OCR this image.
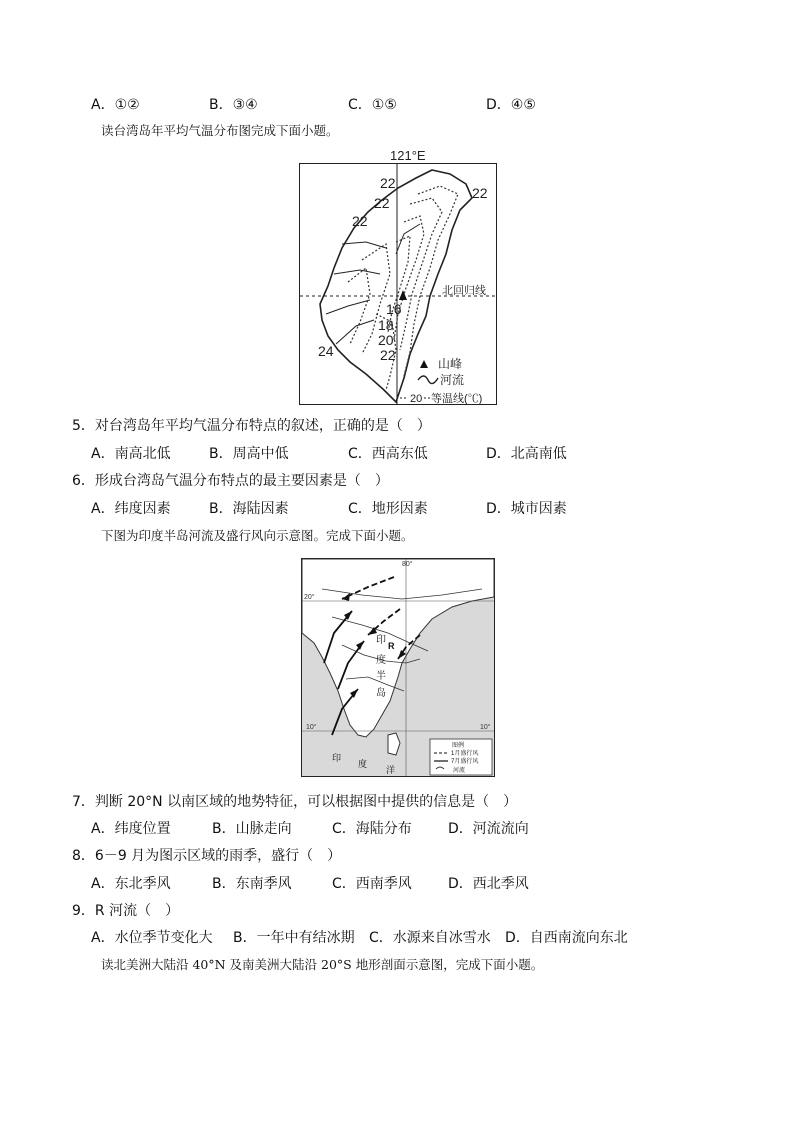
A．①②	B．③④	C．①⑤	D．④⑤
读台湾岛年平均气温分布图完成下面小题。
121°E
22
22
22
22
北回归线
16
18
20
22
24
山峰
河流
20 等温线(℃)
5．对台湾岛年平均气温分布特点的叙述，正确的是（　）
A．南高北低	B．周高中低	C．西高东低	D．北高南低
6．形成台湾岛气温分布特点的最主要因素是（　）
A．纬度因素	B．海陆因素	C．地形因素	D．城市因素
下图为印度半岛河流及盛行风向示意图。完成下面小题。
20°
10°	10°
80°
R
印
度
半
岛
印
度
洋
图例
1月盛行风
7月盛行风
河流
7．判断 20°N 以南区域的地势特征，可以根据图中提供的信息是（　）
A．纬度位置	B．山脉走向	C．海陆分布	D．河流流向
8．6－9 月为图示区域的雨季，盛行（　）
A．东北季风	B．东南季风	C．西南季风	D．西北季风
9．R 河流（　）
A．水位季节变化大 B．一年中有结冰期 C．水源来自冰雪水 D．自西南流向东北
读北美洲大陆沿 40°N 及南美洲大陆沿 20°S 地形剖面示意图，完成下面小题。
